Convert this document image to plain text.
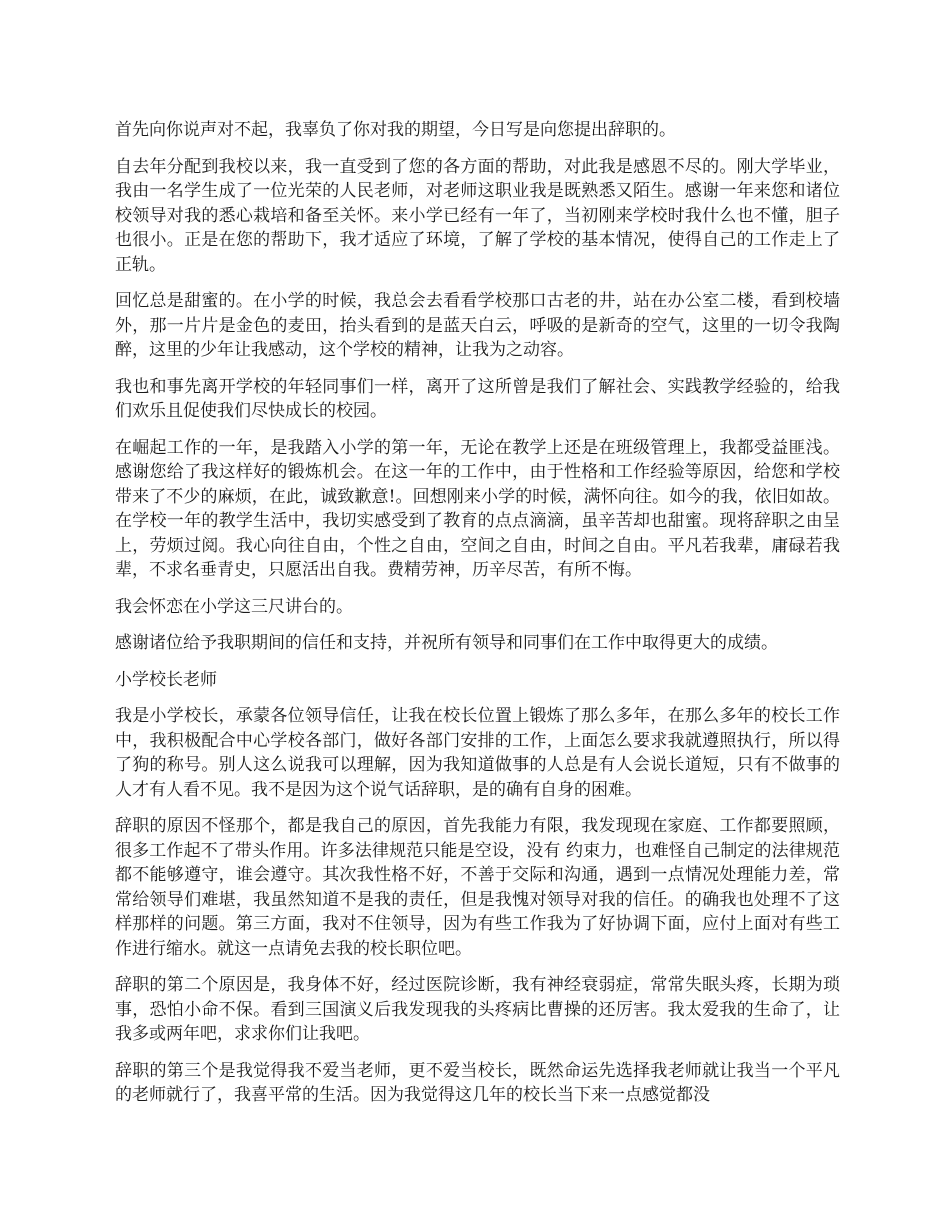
首先向你说声对不起，我辜负了你对我的期望，今日写是向您提出辞职的。

自去年分配到我校以来，我一直受到了您的各方面的帮助，对此我是感恩不尽的。刚大学毕业，我由一名学生成了一位光荣的人民老师，对老师这职业我是既熟悉又陌生。感谢一年来您和诸位校领导对我的悉心栽培和备至关怀。来小学已经有一年了，当初刚来学校时我什么也不懂，胆子也很小。正是在您的帮助下，我才适应了环境，了解了学校的基本情况，使得自己的工作走上了正轨。

回忆总是甜蜜的。在小学的时候，我总会去看看学校那口古老的井，站在办公室二楼，看到校墙外，那一片片是金色的麦田，抬头看到的是蓝天白云，呼吸的是新奇的空气，这里的一切令我陶醉，这里的少年让我感动，这个学校的精神，让我为之动容。

我也和事先离开学校的年轻同事们一样，离开了这所曾是我们了解社会、实践教学经验的，给我们欢乐且促使我们尽快成长的校园。

在崛起工作的一年，是我踏入小学的第一年，无论在教学上还是在班级管理上，我都受益匪浅。感谢您给了我这样好的锻炼机会。在这一年的工作中，由于性格和工作经验等原因，给您和学校带来了不少的麻烦，在此，诚致歉意!。回想刚来小学的时候，满怀向往。如今的我，依旧如故。在学校一年的教学生活中，我切实感受到了教育的点点滴滴，虽辛苦却也甜蜜。现将辞职之由呈上，劳烦过阅。我心向往自由，个性之自由，空间之自由，时间之自由。平凡若我辈，庸碌若我辈，不求名垂青史，只愿活出自我。费精劳神，历辛尽苦，有所不悔。

我会怀恋在小学这三尺讲台的。

感谢诸位给予我职期间的信任和支持，并祝所有领导和同事们在工作中取得更大的成绩。

小学校长老师

我是小学校长，承蒙各位领导信任，让我在校长位置上锻炼了那么多年，在那么多年的校长工作中，我积极配合中心学校各部门，做好各部门安排的工作，上面怎么要求我就遵照执行，所以得了狗的称号。别人这么说我可以理解，因为我知道做事的人总是有人会说长道短，只有不做事的人才有人看不见。我不是因为这个说气话辞职，是的确有自身的困难。

辞职的原因不怪那个，都是我自己的原因，首先我能力有限，我发现现在家庭、工作都要照顾，很多工作起不了带头作用。许多法律规范只能是空设，没有 约束力，也难怪自己制定的法律规范都不能够遵守，谁会遵守。其次我性格不好，不善于交际和沟通，遇到一点情况处理能力差，常常给领导们难堪，我虽然知道不是我的责任，但是我愧对领导对我的信任。的确我也处理不了这样那样的问题。第三方面，我对不住领导，因为有些工作我为了好协调下面，应付上面对有些工作进行缩水。就这一点请免去我的校长职位吧。

辞职的第二个原因是，我身体不好，经过医院诊断，我有神经衰弱症，常常失眠头疼，长期为琐事，恐怕小命不保。看到三国演义后我发现我的头疼病比曹操的还厉害。我太爱我的生命了，让我多或两年吧，求求你们让我吧。

辞职的第三个是我觉得我不爱当老师，更不爱当校长，既然命运先选择我老师就让我当一个平凡的老师就行了，我喜平常的生活。因为我觉得这几年的校长当下来一点感觉都没
